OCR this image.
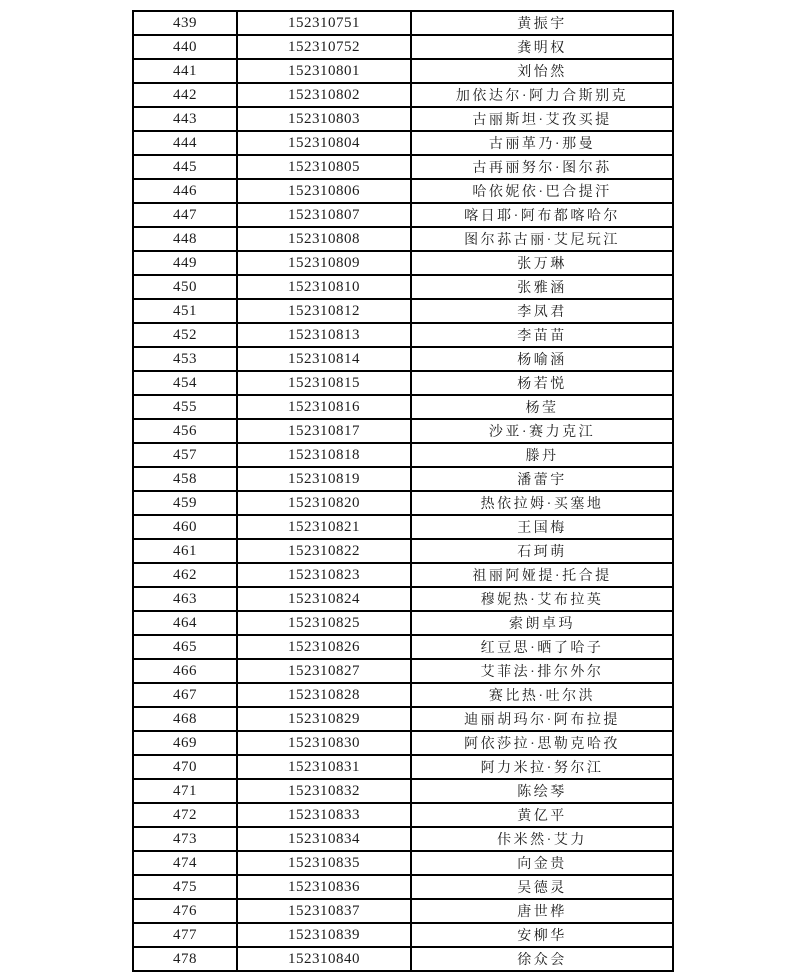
439	152310751	黄振宇
440	152310752	龚明权
441	152310801	刘怡然
442	152310802	加依达尔·阿力合斯别克
443	152310803	古丽斯坦·艾孜买提
444	152310804	古丽革乃·那曼
445	152310805	古再丽努尔·图尔荪
446	152310806	哈依妮依·巴合提汗
447	152310807	喀日耶·阿布都喀哈尔
448	152310808	图尔荪古丽·艾尼玩江
449	152310809	张万琳
450	152310810	张雅涵
451	152310812	李凤君
452	152310813	李苗苗
453	152310814	杨喻涵
454	152310815	杨若悦
455	152310816	杨莹
456	152310817	沙亚·赛力克江
457	152310818	滕丹
458	152310819	潘蕾宇
459	152310820	热依拉姆·买塞地
460	152310821	王国梅
461	152310822	石珂萌
462	152310823	祖丽阿娅提·托合提
463	152310824	穆妮热·艾布拉英
464	152310825	索朗卓玛
465	152310826	红豆思·晒了哈子
466	152310827	艾菲法·排尔外尔
467	152310828	赛比热·吐尔洪
468	152310829	迪丽胡玛尔·阿布拉提
469	152310830	阿依莎拉·思勒克哈孜
470	152310831	阿力米拉·努尔江
471	152310832	陈绘琴
472	152310833	黄亿平
473	152310834	佧米然·艾力
474	152310835	向金贵
475	152310836	吴德灵
476	152310837	唐世桦
477	152310839	安柳华
478	152310840	徐众会
